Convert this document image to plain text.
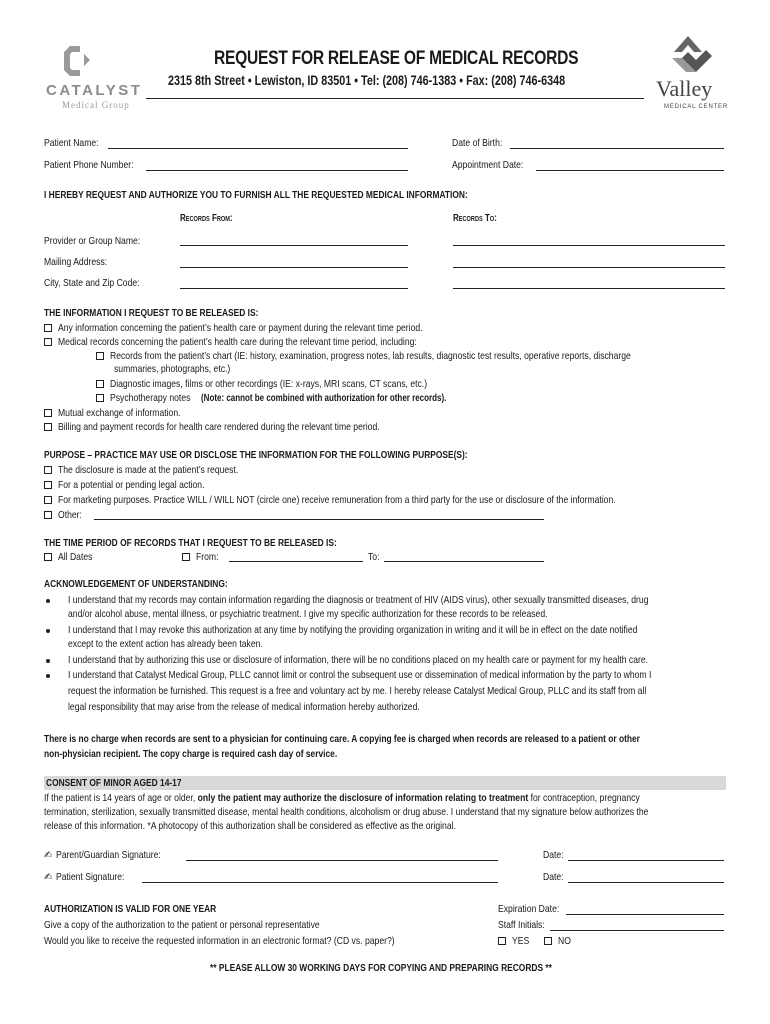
CATALYST
Medical Group
Valley
MEDICAL CENTER
REQUEST FOR RELEASE OF MEDICAL RECORDS
2315 8th Street • Lewiston, ID 83501 • Tel: (208) 746-1383 • Fax: (208) 746-6348
Patient Name:	Date of Birth:
Patient Phone Number:	Appointment Date:
I HEREBY REQUEST AND AUTHORIZE YOU TO FURNISH ALL THE REQUESTED MEDICAL INFORMATION:
Records From:	Records To:
Provider or Group Name:
Mailing Address:
City, State and Zip Code:
THE INFORMATION I REQUEST TO BE RELEASED IS:
Any information concerning the patient’s health care or payment during the relevant time period.
Medical records concerning the patient’s health care during the relevant time period, including:
Records from the patient’s chart (IE: history, examination, progress notes, lab results, diagnostic test results, operative reports, discharge
summaries, photographs, etc.)
Diagnostic images, films or other recordings (IE: x-rays, MRI scans, CT scans, etc.)
Psychotherapy notes (Note: cannot be combined with authorization for other records).
Mutual exchange of information.
Billing and payment records for health care rendered during the relevant time period.
PURPOSE – PRACTICE MAY USE OR DISCLOSE THE INFORMATION FOR THE FOLLOWING PURPOSE(S):
The disclosure is made at the patient’s request.
For a potential or pending legal action.
For marketing purposes. Practice WILL / WILL NOT (circle one) receive remuneration from a third party for the use or disclosure of the information.
Other:
THE TIME PERIOD OF RECORDS THAT I REQUEST TO BE RELEASED IS:
All Dates	From:	To:
ACKNOWLEDGEMENT OF UNDERSTANDING:
I understand that my records may contain information regarding the diagnosis or treatment of HIV (AIDS virus), other sexually transmitted diseases, drug
and/or alcohol abuse, mental illness, or psychiatric treatment. I give my specific authorization for these records to be released.
I understand that I may revoke this authorization at any time by notifying the providing organization in writing and it will be in effect on the date notified
except to the extent action has already been taken.
I understand that by authorizing this use or disclosure of information, there will be no conditions placed on my health care or payment for my health care.
I understand that Catalyst Medical Group, PLLC cannot limit or control the subsequent use or dissemination of medical information by the party to whom I
request the information be furnished. This request is a free and voluntary act by me. I hereby release Catalyst Medical Group, PLLC and its staff from all
legal responsibility that may arise from the release of medical information hereby authorized.
There is no charge when records are sent to a physician for continuing care. A copying fee is charged when records are released to a patient or other
non-physician recipient. The copy charge is required cash day of service.
CONSENT OF MINOR AGED 14-17
If the patient is 14 years of age or older, only the patient may authorize the disclosure of information relating to treatment for contraception, pregnancy
termination, sterilization, sexually transmitted disease, mental health conditions, alcoholism or drug abuse. I understand that my signature below authorizes the
release of this information. *A photocopy of this authorization shall be considered as effective as the original.
✍ Parent/Guardian Signature:	Date:
✍ Patient Signature:	Date:
AUTHORIZATION IS VALID FOR ONE YEAR
Give a copy of the authorization to the patient or personal representative
Would you like to receive the requested information in an electronic format? (CD vs. paper?)
Expiration Date:
Staff Initials:
YES	NO
** PLEASE ALLOW 30 WORKING DAYS FOR COPYING AND PREPARING RECORDS **
